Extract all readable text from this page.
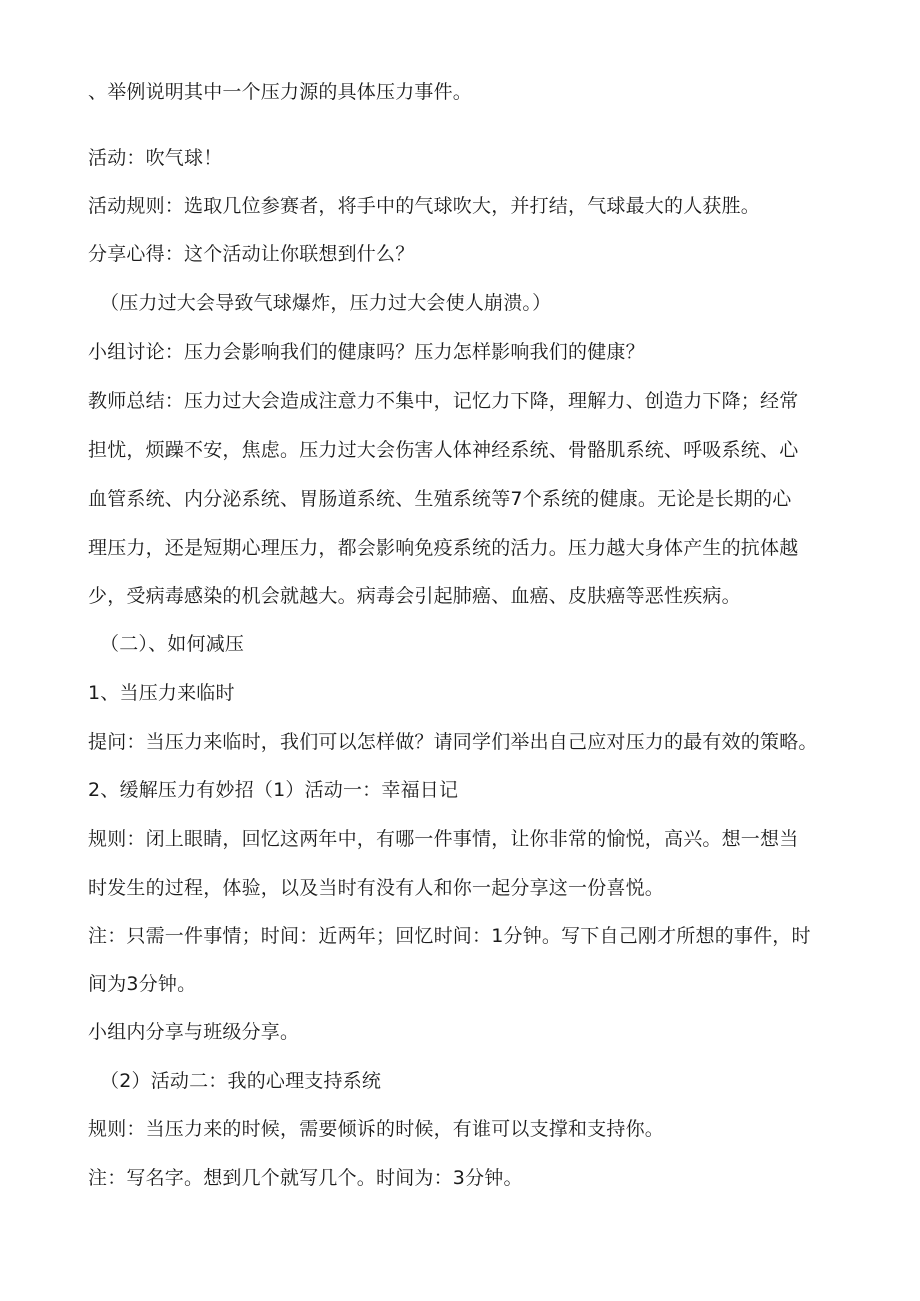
、举例说明其中一个压力源的具体压力事件。
活动：吹气球！
活动规则：选取几位参赛者，将手中的气球吹大，并打结，气球最大的人获胜。
分享心得：这个活动让你联想到什么？
（压力过大会导致气球爆炸，压力过大会使人崩溃。）
小组讨论：压力会影响我们的健康吗？压力怎样影响我们的健康？
教师总结：压力过大会造成注意力不集中，记忆力下降，理解力、创造力下降；经常
担忧，烦躁不安，焦虑。压力过大会伤害人体神经系统、骨骼肌系统、呼吸系统、心
血管系统、内分泌系统、胃肠道系统、生殖系统等7个系统的健康。无论是长期的心
理压力，还是短期心理压力，都会影响免疫系统的活力。压力越大身体产生的抗体越
少，受病毒感染的机会就越大。病毒会引起肺癌、血癌、皮肤癌等恶性疾病。
（二）、如何减压
1、当压力来临时
提问：当压力来临时，我们可以怎样做？请同学们举出自己应对压力的最有效的策略。
2、缓解压力有妙招（1）活动一：幸福日记
规则：闭上眼睛，回忆这两年中，有哪一件事情，让你非常的愉悦，高兴。想一想当
时发生的过程，体验，以及当时有没有人和你一起分享这一份喜悦。
注：只需一件事情；时间：近两年；回忆时间：1分钟。写下自己刚才所想的事件，时
间为3分钟。
小组内分享与班级分享。
（2）活动二：我的心理支持系统
规则：当压力来的时候，需要倾诉的时候，有谁可以支撑和支持你。
注：写名字。想到几个就写几个。时间为：3分钟。
